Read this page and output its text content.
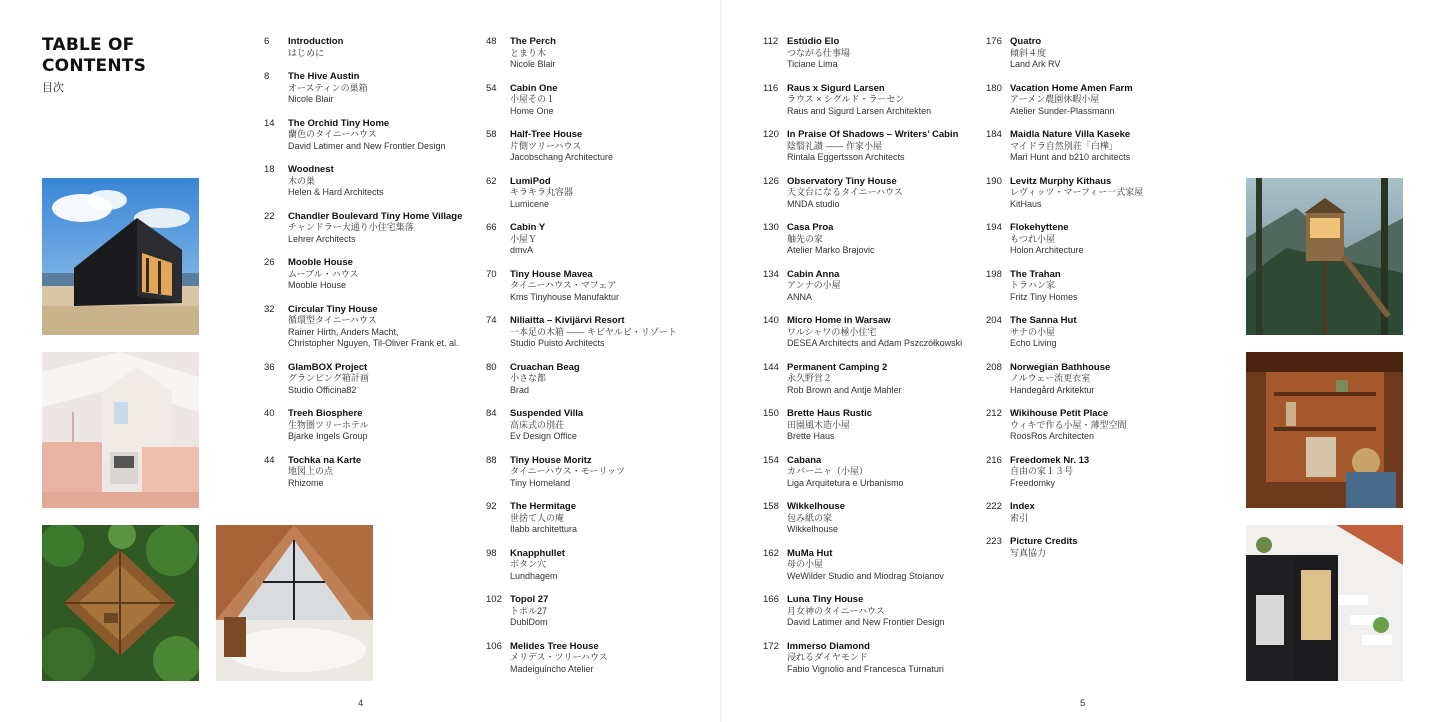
TABLE OF
CONTENTS
目次
6	Introduction
はじめに
8	The Hive Austin
オースティンの巣箱
Nicole Blair
14	The Orchid Tiny Home
蘭色のタイニーハウス
David Latimer and New Frontier Design
18	Woodnest
木の巣
Helen & Hard Architects
22	Chandler Boulevard Tiny Home Village
チャンドラー大通り小住宅集落
Lehrer Architects
26	Mooble House
ムーブル・ハウス
Mooble House
32	Circular Tiny House
循環型タイニーハウス
Rainer Hirth, Anders Macht,
Christopher Nguyen, Til-Oliver Frank et. al.
36	GlamBOX Project
グランピング箱計画
Studio Officina82
40	Treeh Biosphere
生物圏ツリーホテル
Bjarke Ingels Group
44	Tochka na Karte
地図上の点
Rhizome
48	The Perch
とまり木
Nicole Blair
54	Cabin One
小屋その１
Home One
58	Half-Tree House
片側ツリーハウス
Jacobschang Architecture
62	LumiPod
キラキラ丸容器
Lumicene
66	Cabin Y
小屋Ｙ
dmvA
70	Tiny House Mavea
タイニーハウス・マフェア
Kms Tinyhouse Manufaktur
74	Niliaitta – Kivijärvi Resort
一本足の木箱 ―― キビヤルビ・リゾート
Studio Puisto Architects
80	Cruachan Beag
小さな都
Brad
84	Suspended Villa
高床式の別荘
Ev Design Office
88	Tiny House Moritz
タイニーハウス・モーリッツ
Tiny Homeland
92	The Hermitage
世捨て人の庵
Ilabb architettura
98	Knapphullet
ボタン穴
Lundhagem
102 Topol 27
トポル27
DublDom
106 Melides Tree House
メリデス・ツリーハウス
Madeiguincho Atelier
112 Estúdio Elo
つながる仕事場
Ticiane Lima
116 Raus x Sigurd Larsen
ラウス × シグルド・ラーセン
Raus and Sigurd Larsen Architekten
120 In Praise Of Shadows – Writers’ Cabin
陰翳礼讃 ―― 作家小屋
Rintala Eggertsson Architects
126 Observatory Tiny House
天文台になるタイニーハウス
MNDA studio
130 Casa Proa
舳先の家
Atelier Marko Brajovic
134 Cabin Anna
アンナの小屋
ANNA
140 Micro Home in Warsaw
ワルシャワの極小住宅
DESEA Architects and Adam Pszczółkowski
144 Permanent Camping 2
永久野営２
Rob Brown and Antje Mahler
150 Brette Haus Rustic
田園風木造小屋
Brette Haus
154 Cabana
カバーニャ（小屋）
Liga Arquitetura e Urbanismo
158 Wikkelhouse
包み紙の家
Wikkelhouse
162 MuMa Hut
母の小屋
WeWilder Studio and Miodrag Stoianov
166 Luna Tiny House
月女神のタイニーハウス
David Latimer and New Frontier Design
172 Immerso Diamond
浸れるダイヤモンド
Fabio Vignolio and Francesca Turnaturi
176 Quatro
傾斜４度
Land Ark RV
180 Vacation Home Amen Farm
アーメン農園休暇小屋
Atelier Sunder-Plassmann
184 Maidla Nature Villa Kaseke
マイドラ自然別荘「白樺」
Mari Hunt and b210 architects
190 Levitz Murphy Kithaus
レヴィッツ・マーフィー一式家屋
KitHaus
194 Flokehyttene
もつれ小屋
Holon Architecture
198 The Trahan
トラハン家
Fritz Tiny Homes
204 The Sanna Hut
サナの小屋
Echo Living
208 Norwegian Bathhouse
ノルウェー流更衣室
Handegård Arkitektur
212 Wikihouse Petit Place
ウィキで作る小屋・薄型空間
RoosRos Architecten
216 Freedomek Nr. 13
自由の家１３号
Freedomky
222 Index
索引
223 Picture Credits
写真協力
4	5
